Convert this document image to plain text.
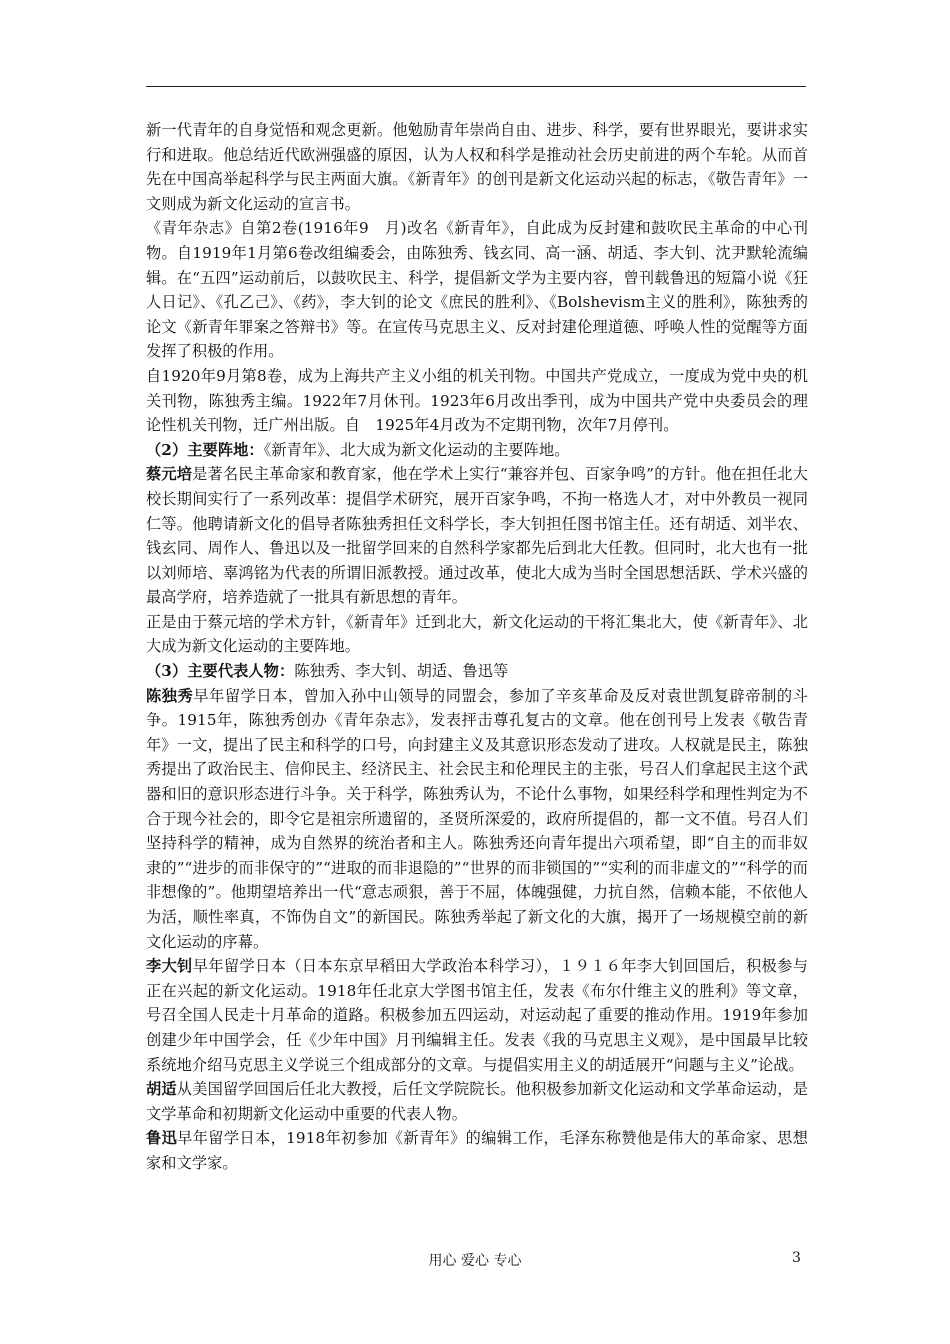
新一代青年的自身觉悟和观念更新。他勉励青年崇尚自由、进步、科学，要有世界眼光，要讲求实行和进取。他总结近代欧洲强盛的原因，认为人权和科学是推动社会历史前进的两个车轮。从而首先在中国高举起科学与民主两面大旗。《新青年》的创刊是新文化运动兴起的标志，《敬告青年》一文则成为新文化运动的宣言书。

《青年杂志》自第2卷(1916年9　月)改名《新青年》，自此成为反封建和鼓吹民主革命的中心刊物。自1919年1月第6卷改组编委会，由陈独秀、钱玄同、高一涵、胡适、李大钊、沈尹默轮流编辑。在“五四”运动前后，以鼓吹民主、科学，提倡新文学为主要内容，曾刊载鲁迅的短篇小说《狂人日记》、《孔乙己》、《药》，李大钊的论文《庶民的胜利》、《Bolshevism主义的胜利》，陈独秀的论文《新青年罪案之答辩书》等。在宣传马克思主义、反对封建伦理道德、呼唤人性的觉醒等方面发挥了积极的作用。

自1920年9月第8卷，成为上海共产主义小组的机关刊物。中国共产党成立，一度成为党中央的机关刊物，陈独秀主编。1922年7月休刊。1923年6月改出季刊，成为中国共产党中央委员会的理论性机关刊物，迁广州出版。自　1925年4月改为不定期刊物，次年7月停刊。

（2）主要阵地：《新青年》、北大成为新文化运动的主要阵地。

蔡元培是著名民主革命家和教育家，他在学术上实行“兼容并包、百家争鸣”的方针。他在担任北大校长期间实行了一系列改革：提倡学术研究，展开百家争鸣，不拘一格选人才，对中外教员一视同仁等。他聘请新文化的倡导者陈独秀担任文科学长，李大钊担任图书馆主任。还有胡适、刘半农、钱玄同、周作人、鲁迅以及一批留学回来的自然科学家都先后到北大任教。但同时，北大也有一批以刘师培、辜鸿铭为代表的所谓旧派教授。通过改革，使北大成为当时全国思想活跃、学术兴盛的最高学府，培养造就了一批具有新思想的青年。

正是由于蔡元培的学术方针，《新青年》迁到北大，新文化运动的干将汇集北大，使《新青年》、北大成为新文化运动的主要阵地。

（3）主要代表人物：陈独秀、李大钊、胡适、鲁迅等

陈独秀早年留学日本，曾加入孙中山领导的同盟会，参加了辛亥革命及反对袁世凯复辟帝制的斗争。1915年，陈独秀创办《青年杂志》，发表抨击尊孔复古的文章。他在创刊号上发表《敬告青年》一文，提出了民主和科学的口号，向封建主义及其意识形态发动了进攻。人权就是民主，陈独秀提出了政治民主、信仰民主、经济民主、社会民主和伦理民主的主张，号召人们拿起民主这个武器和旧的意识形态进行斗争。关于科学，陈独秀认为，不论什么事物，如果经科学和理性判定为不合于现今社会的，即令它是祖宗所遗留的，圣贤所深爱的，政府所提倡的，都一文不值。号召人们坚持科学的精神，成为自然界的统治者和主人。陈独秀还向青年提出六项希望，即“自主的而非奴隶的”“进步的而非保守的”“进取的而非退隐的”“世界的而非锁国的”“实利的而非虚文的”“科学的而非想像的”。他期望培养出一代“意志顽狠，善于不屈，体魄强健，力抗自然，信赖本能，不依他人为活，顺性率真，不饰伪自文”的新国民。陈独秀举起了新文化的大旗，揭开了一场规模空前的新文化运动的序幕。

李大钊早年留学日本（日本东京早稻田大学政治本科学习），１９１６年李大钊回国后，积极参与正在兴起的新文化运动。1918年任北京大学图书馆主任，发表《布尔什维主义的胜利》等文章，号召全国人民走十月革命的道路。积极参加五四运动，对运动起了重要的推动作用。1919年参加创建少年中国学会，任《少年中国》月刊编辑主任。发表《我的马克思主义观》，是中国最早比较系统地介绍马克思主义学说三个组成部分的文章。与提倡实用主义的胡适展开“问题与主义”论战。

胡适从美国留学回国后任北大教授，后任文学院院长。他积极参加新文化运动和文学革命运动，是文学革命和初期新文化运动中重要的代表人物。

鲁迅早年留学日本，1918年初参加《新青年》的编辑工作，毛泽东称赞他是伟大的革命家、思想家和文学家。

用心 爱心 专心	3
